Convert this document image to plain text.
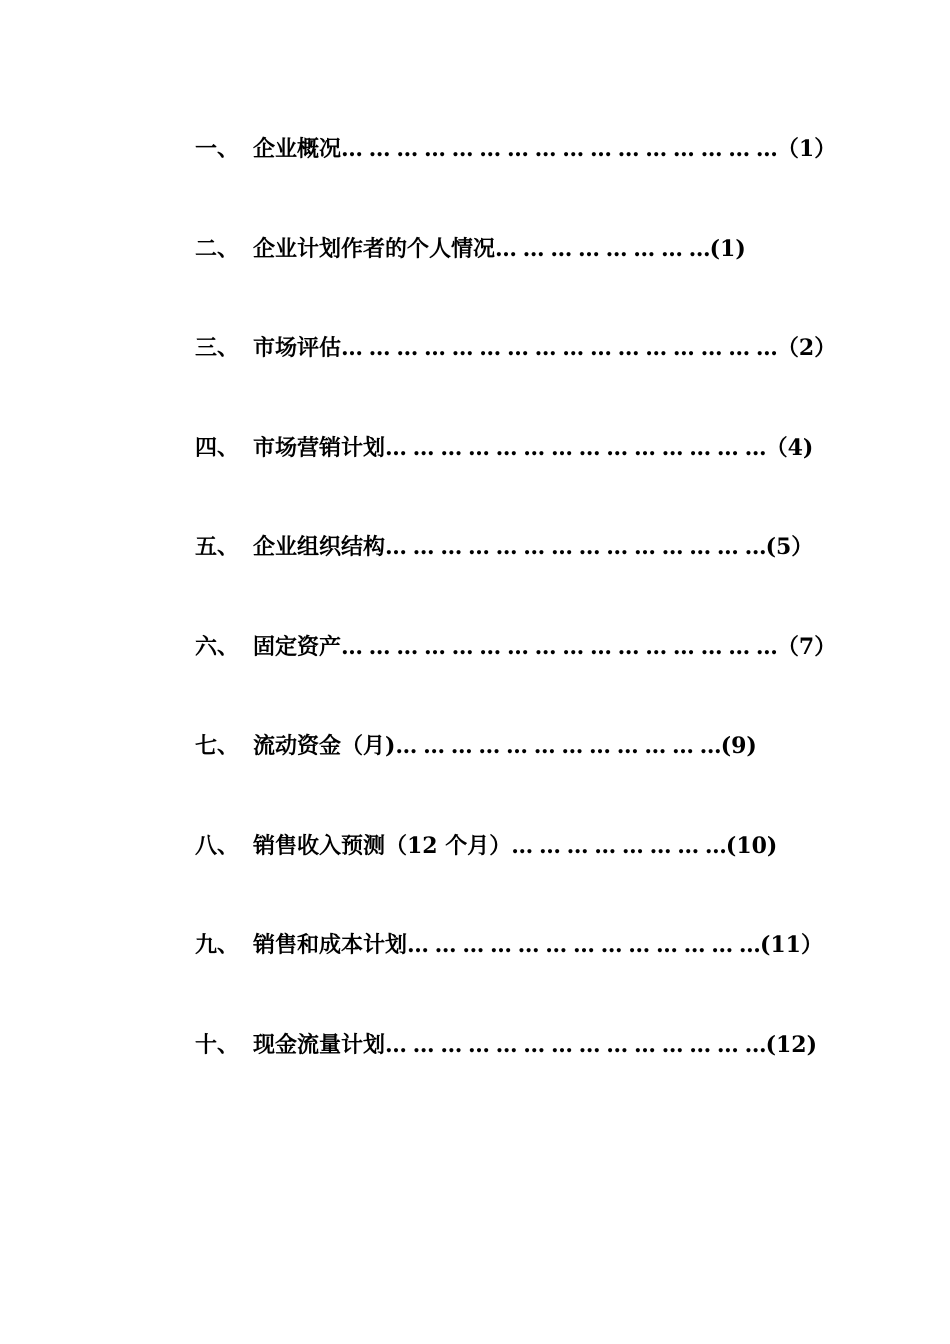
一、 企业概况… … … … … … … … … … … … … … … …（1）
二、 企业计划作者的个人情况… … … … … … … …(1)
三、 市场评估… … … … … … … … … … … … … … … …（2）
四、 市场营销计划… … … … … … … … … … … … … …（4)
五、 企业组织结构… … … … … … … … … … … … … …(5）
六、 固定资产… … … … … … … … … … … … … … … …（7）
七、 流动资金（月)… … … … … … … … … … … …(9)
八、 销售收入预测（12 个月）… … … … … … … …(10)
九、 销售和成本计划… … … … … … … … … … … … …(11）
十、 现金流量计划… … … … … … … … … … … … … …(12)
